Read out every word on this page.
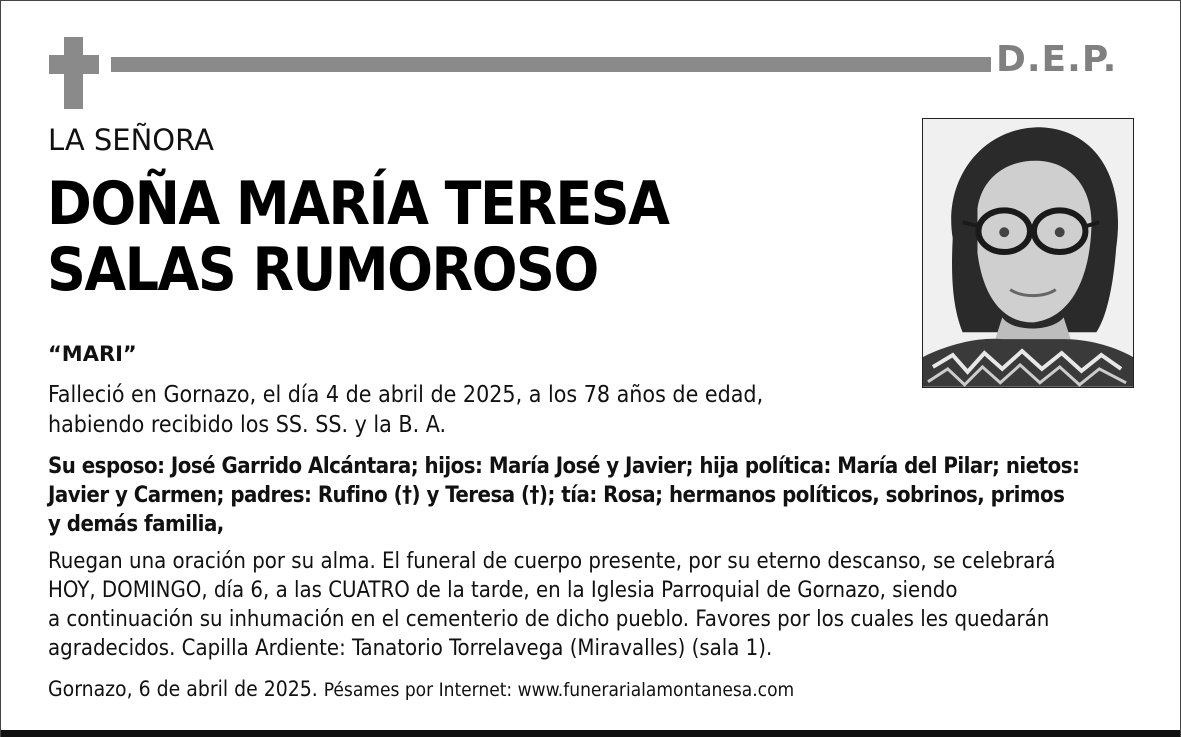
D.E.P.
LA SEÑORA
DOÑA MARÍA TERESA
SALAS RUMOROSO
“MARI”
Falleció en Gornazo, el día 4 de abril de 2025, a los 78 años de edad,
habiendo recibido los SS. SS. y la B. A.
Su esposo: José Garrido Alcántara; hijos: María José y Javier; hija política: María del Pilar; nietos:
Javier y Carmen; padres: Rufino (†) y Teresa (†); tía: Rosa; hermanos políticos, sobrinos, primos
y demás familia,
Ruegan una oración por su alma. El funeral de cuerpo presente, por su eterno descanso, se celebrará
HOY, DOMINGO, día 6, a las CUATRO de la tarde, en la Iglesia Parroquial de Gornazo, siendo
a continuación su inhumación en el cementerio de dicho pueblo. Favores por los cuales les quedarán
agradecidos. Capilla Ardiente: Tanatorio Torrelavega (Miravalles) (sala 1).
Gornazo, 6 de abril de 2025. Pésames por Internet: www.funerarialamontanesa.com
